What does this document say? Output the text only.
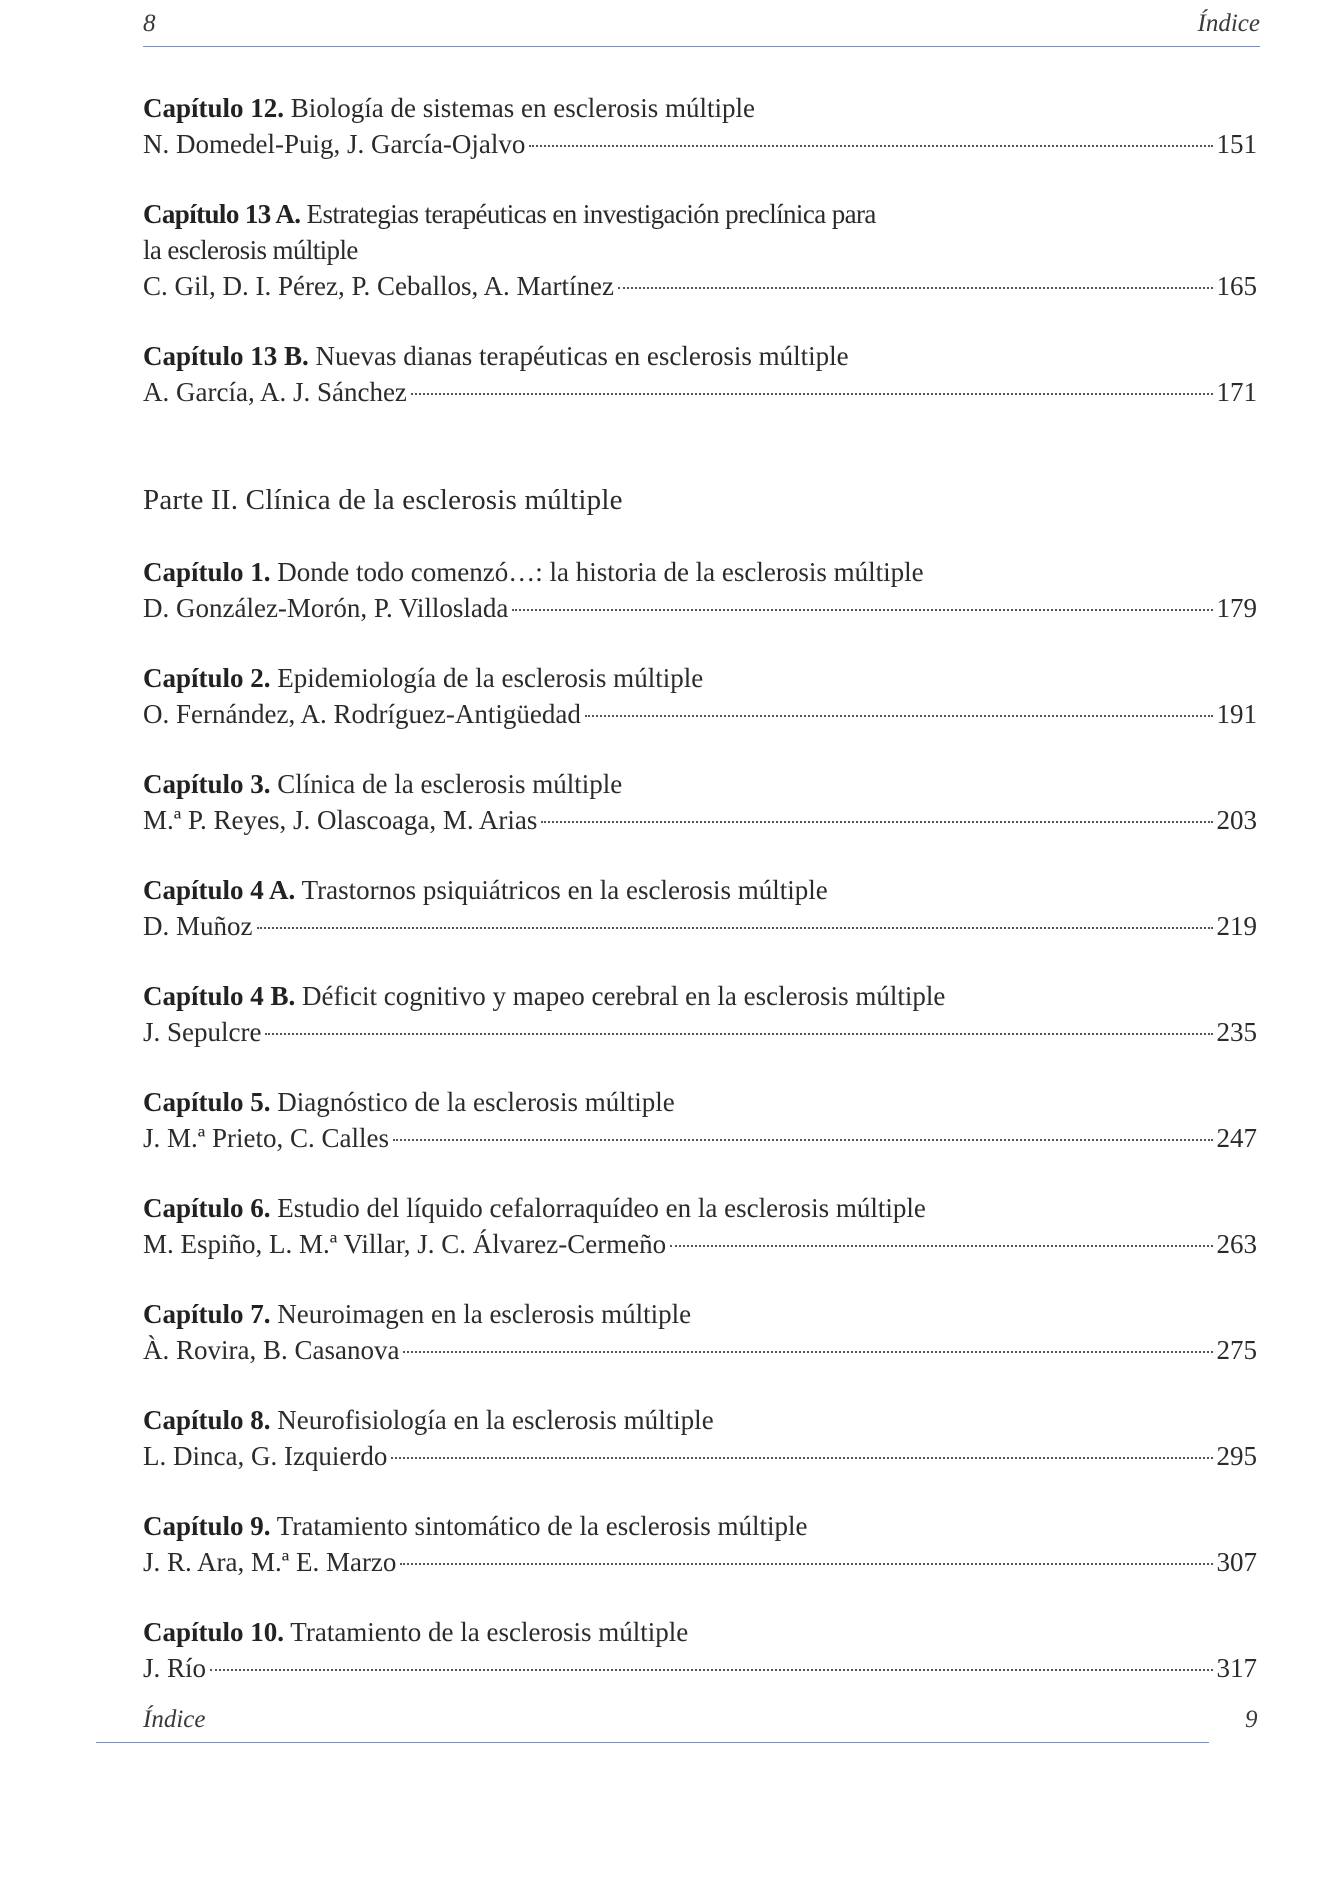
8	Índice
Capítulo 12. Biología de sistemas en esclerosis múltiple
N. Domedel-Puig, J. García-Ojalvo	151
Capítulo 13 A. Estrategias terapéuticas en investigación preclínica para
la esclerosis múltiple
C. Gil, D. I. Pérez, P. Ceballos, A. Martínez	165
Capítulo 13 B. Nuevas dianas terapéuticas en esclerosis múltiple
A. García, A. J. Sánchez	171
Parte II. Clínica de la esclerosis múltiple
Capítulo 1. Donde todo comenzó…: la historia de la esclerosis múltiple
D. González-Morón, P. Villoslada	179
Capítulo 2. Epidemiología de la esclerosis múltiple
O. Fernández, A. Rodríguez-Antigüedad	191
Capítulo 3. Clínica de la esclerosis múltiple
M.ª P. Reyes, J. Olascoaga, M. Arias	203
Capítulo 4 A. Trastornos psiquiátricos en la esclerosis múltiple
D. Muñoz	219
Capítulo 4 B. Déficit cognitivo y mapeo cerebral en la esclerosis múltiple
J. Sepulcre	235
Capítulo 5. Diagnóstico de la esclerosis múltiple
J. M.ª Prieto, C. Calles	247
Capítulo 6. Estudio del líquido cefalorraquídeo en la esclerosis múltiple
M. Espiño, L. M.ª Villar, J. C. Álvarez-Cermeño	263
Capítulo 7. Neuroimagen en la esclerosis múltiple
À. Rovira, B. Casanova	275
Capítulo 8. Neurofisiología en la esclerosis múltiple
L. Dinca, G. Izquierdo	295
Capítulo 9. Tratamiento sintomático de la esclerosis múltiple
J. R. Ara, M.ª E. Marzo	307
Capítulo 10. Tratamiento de la esclerosis múltiple
J. Río	317
Índice	9
